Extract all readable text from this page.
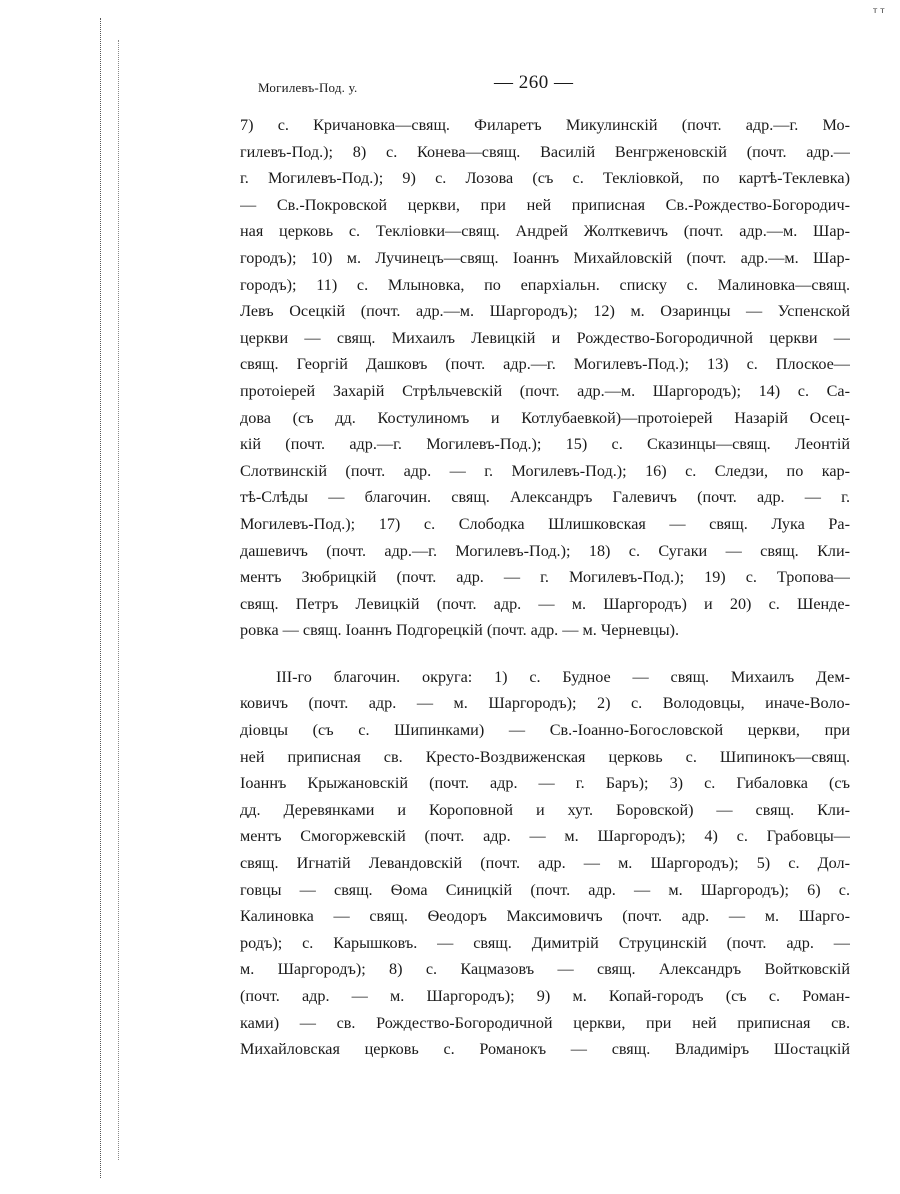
ᵀᵀ
Могилевъ-Под. у.	— 260 —
7) с. Кричановка—свящ. Филаретъ Микулинскій (почт. адр.—г. Мо-
гилевъ-Под.); 8) с. Конева—свящ. Василій Венгрженовскій (почт. адр.—
г. Могилевъ-Под.); 9) с. Лозова (съ с. Текліовкой, по картѣ-Теклевка)
— Св.-Покровской церкви, при ней приписная Св.-Рождество-Богородич-
ная церковь с. Текліовки—свящ. Андрей Жолткевичъ (почт. адр.—м. Шар-
городъ); 10) м. Лучинецъ—свящ. Іоаннъ Михайловскій (почт. адр.—м. Шар-
городъ); 11) с. Млыновка, по епархіальн. списку с. Малиновка—свящ.
Левъ Осецкій (почт. адр.—м. Шаргородъ); 12) м. Озаринцы — Успенской
церкви — свящ. Михаилъ Левицкій и Рождество-Богородичной церкви —
свящ. Георгій Дашковъ (почт. адр.—г. Могилевъ-Под.); 13) с. Плоское—
протоіерей Захарій Стрѣльчевскій (почт. адр.—м. Шаргородъ); 14) с. Са-
дова (съ дд. Костулиномъ и Котлубаевкой)—протоіерей Назарій Осец-
кій (почт. адр.—г. Могилевъ-Под.); 15) с. Сказинцы—свящ. Леонтій
Слотвинскій (почт. адр. — г. Могилевъ-Под.); 16) с. Следзи, по кар-
тѣ-Слѣды — благочин. свящ. Александръ Галевичъ (почт. адр. — г.
Могилевъ-Под.); 17) с. Слободка Шлишковская — свящ. Лука Ра-
дашевичъ (почт. адр.—г. Могилевъ-Под.); 18) с. Сугаки — свящ. Кли-
ментъ Зюбрицкій (почт. адр. — г. Могилевъ-Под.); 19) с. Тропова—
свящ. Петръ Левицкій (почт. адр. — м. Шаргородъ) и 20) с. Шенде-
ровка — свящ. Іоаннъ Подгорецкій (почт. адр. — м. Черневцы).
III-го благочин. округа: 1) с. Будное — свящ. Михаилъ Дем-
ковичъ (почт. адр. — м. Шаргородъ); 2) с. Володовцы, иначе-Воло-
діовцы (съ с. Шипинками) — Св.-Іоанно-Богословской церкви, при
ней приписная св. Кресто-Воздвиженская церковь с. Шипинокъ—свящ.
Іоаннъ Крыжановскій (почт. адр. — г. Баръ); 3) с. Гибаловка (съ
дд. Деревянками и Короповной и хут. Боровской) — свящ. Кли-
ментъ Смогоржевскій (почт. адр. — м. Шаргородъ); 4) с. Грабовцы—
свящ. Игнатій Левандовскій (почт. адр. — м. Шаргородъ); 5) с. Дол-
говцы — свящ. Ѳома Синицкій (почт. адр. — м. Шаргородъ); 6) с.
Калиновка — свящ. Ѳеодоръ Максимовичъ (почт. адр. — м. Шарго-
родъ); с. Карышковъ. — свящ. Димитрій Струцинскій (почт. адр. —
м. Шаргородъ); 8) с. Кацмазовъ — свящ. Александръ Войтковскій
(почт. адр. — м. Шаргородъ); 9) м. Копай-городъ (съ с. Роман-
ками) — св. Рождество-Богородичной церкви, при ней приписная св.
Михайловская церковь с. Романокъ — свящ. Владиміръ Шостацкій
